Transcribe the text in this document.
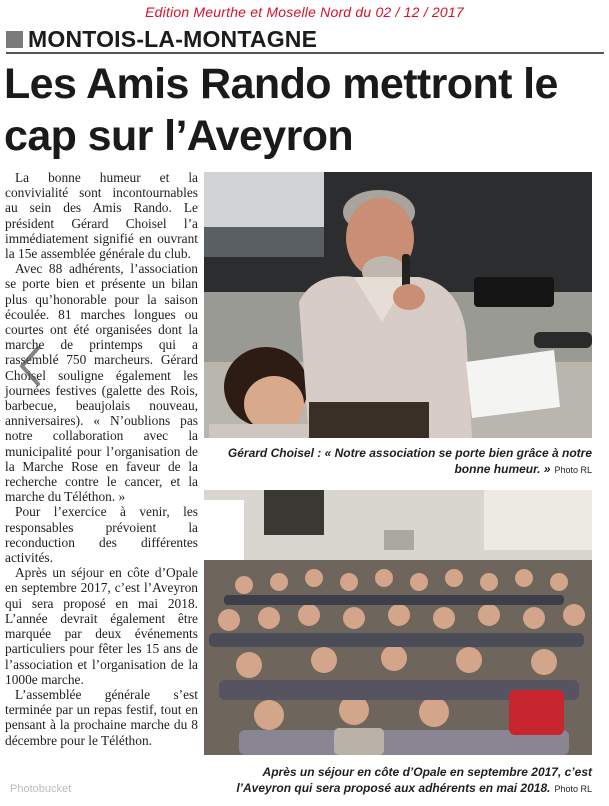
Edition Meurthe et Moselle Nord du 02 / 12 / 2017
MONTOIS-LA-MONTAGNE
Les Amis Rando mettront le cap sur l’Aveyron

La bonne humeur et la convivialité sont incontournables au sein des Amis Rando. Le président Gérard Choisel l’a immédiatement signifié en ouvrant la 15e assemblée générale du club.

Avec 88 adhérents, l’association se porte bien et présente un bilan plus qu’honorable pour la saison écoulée. 81 marches longues ou courtes ont été organisées dont la marche de printemps qui a rassemblé 750 marcheurs. Gérard Choisel souligne également les journées festives (galette des Rois, barbecue, beaujolais nouveau, anniversaires). « N’oublions pas notre collaboration avec la municipalité pour l’organisation de la Marche Rose en faveur de la recherche contre le cancer, et la marche du Téléthon. »

Pour l’exercice à venir, les responsables prévoient la reconduction des différentes activités.

Après un séjour en côte d’Opale en septembre 2017, c’est l’Aveyron qui sera proposé en mai 2018. L’année devrait également être marquée par deux événements particuliers pour fêter les 15 ans de l’association et l’organisation de la 1000e marche.

L’assemblée générale s’est terminée par un repas festif, tout en pensant à la prochaine marche du 8 décembre pour le Téléthon.

Gérard Choisel : « Notre association se porte bien grâce à notre bonne humeur. » Photo RL
Après un séjour en côte d’Opale en septembre 2017, c’est l’Aveyron qui sera proposé aux adhérents en mai 2018. Photo RL
Photobucket
